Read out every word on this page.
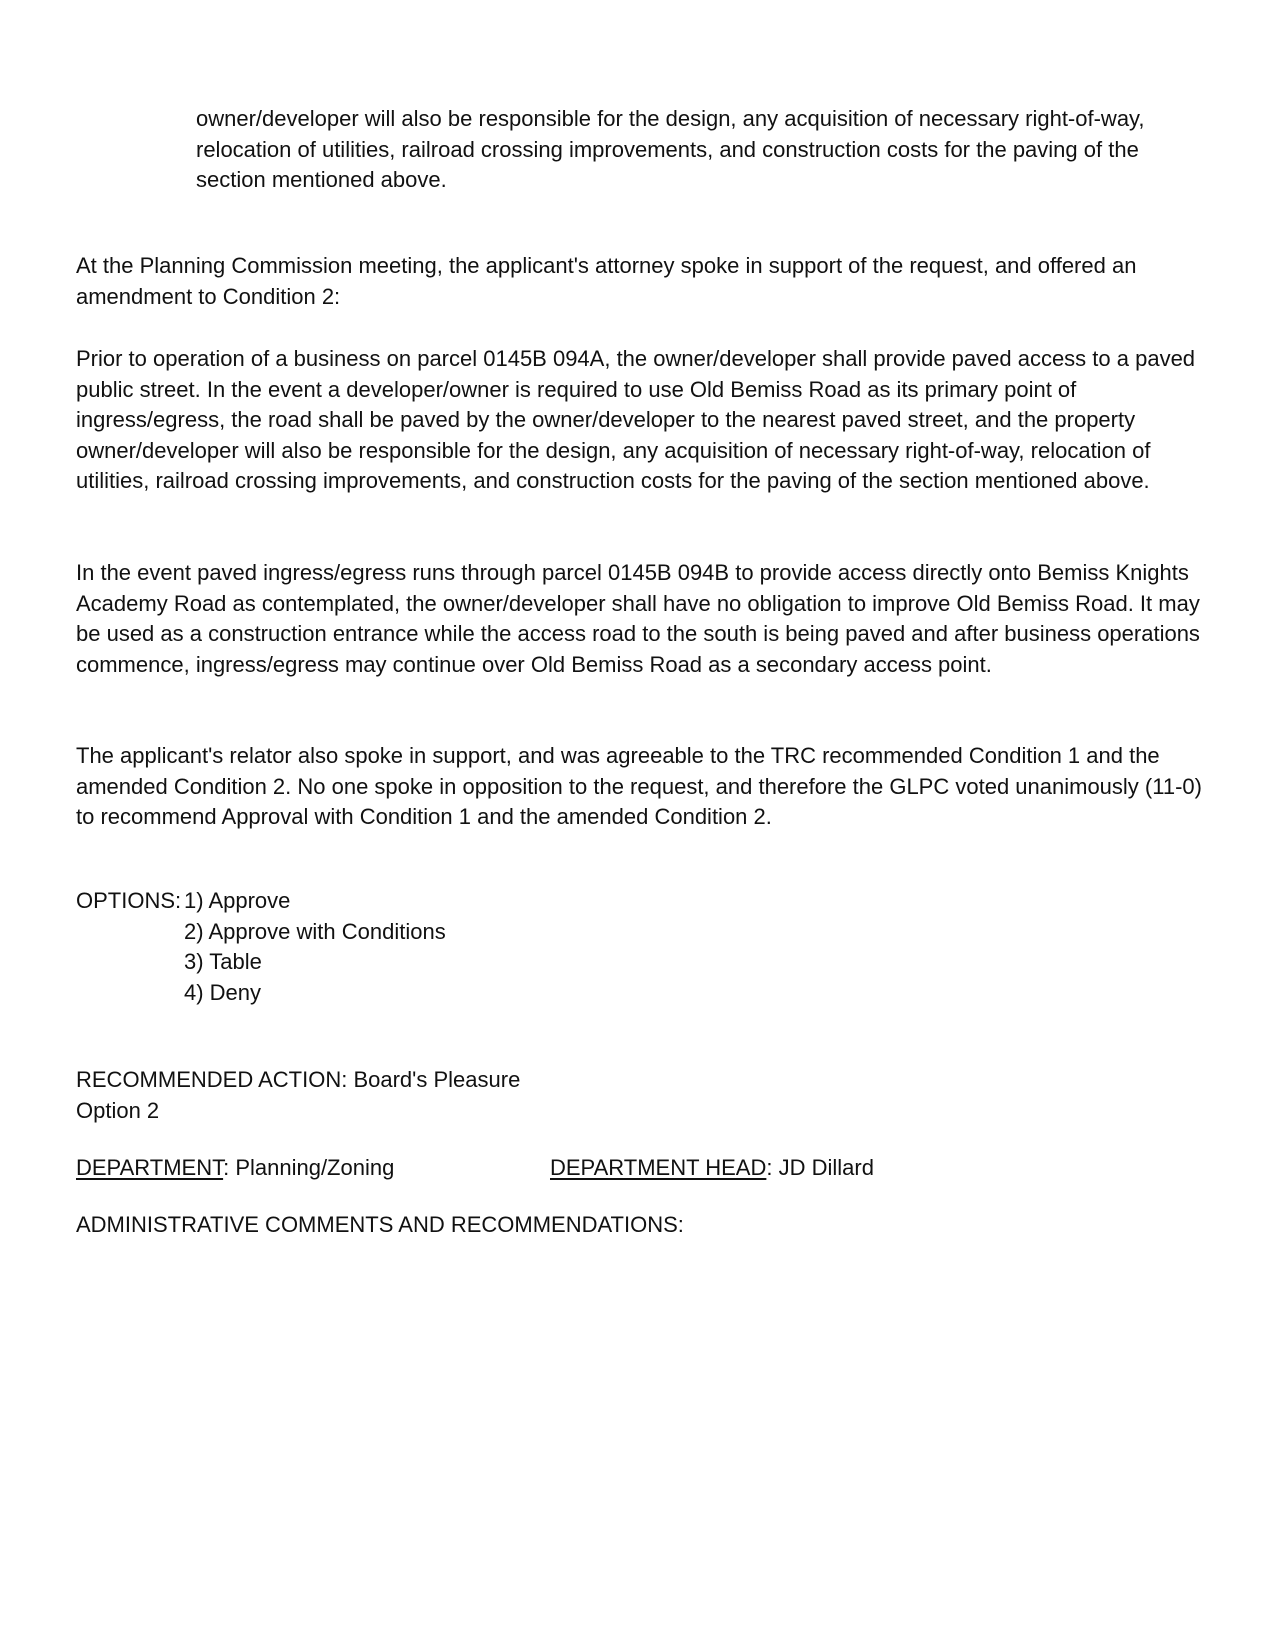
owner/developer will also be responsible for the design, any acquisition of necessary right-of-way, relocation of utilities, railroad crossing improvements, and construction costs for the paving of the section mentioned above.

At the Planning Commission meeting, the applicant's attorney spoke in support of the request, and offered an amendment to Condition 2:

Prior to operation of a business on parcel 0145B 094A, the owner/developer shall provide paved access to a paved public street. In the event a developer/owner is required to use Old Bemiss Road as its primary point of ingress/egress, the road shall be paved by the owner/developer to the nearest paved street, and the property owner/developer will also be responsible for the design, any acquisition of necessary right-of-way, relocation of utilities, railroad crossing improvements, and construction costs for the paving of the section mentioned above.

In the event paved ingress/egress runs through parcel 0145B 094B to provide access directly onto Bemiss Knights Academy Road as contemplated, the owner/developer shall have no obligation to improve Old Bemiss Road. It may be used as a construction entrance while the access road to the south is being paved and after business operations commence, ingress/egress may continue over Old Bemiss Road as a secondary access point.

The applicant's relator also spoke in support, and was agreeable to the TRC recommended Condition 1 and the amended Condition 2. No one spoke in opposition to the request, and therefore the GLPC voted unanimously (11-0) to recommend Approval with Condition 1 and the amended Condition 2.

OPTIONS: 1) Approve
2) Approve with Conditions
3) Table
4) Deny
RECOMMENDED ACTION: Board's Pleasure
Option 2
DEPARTMENT: Planning/Zoning	DEPARTMENT HEAD: JD Dillard
ADMINISTRATIVE COMMENTS AND RECOMMENDATIONS:
